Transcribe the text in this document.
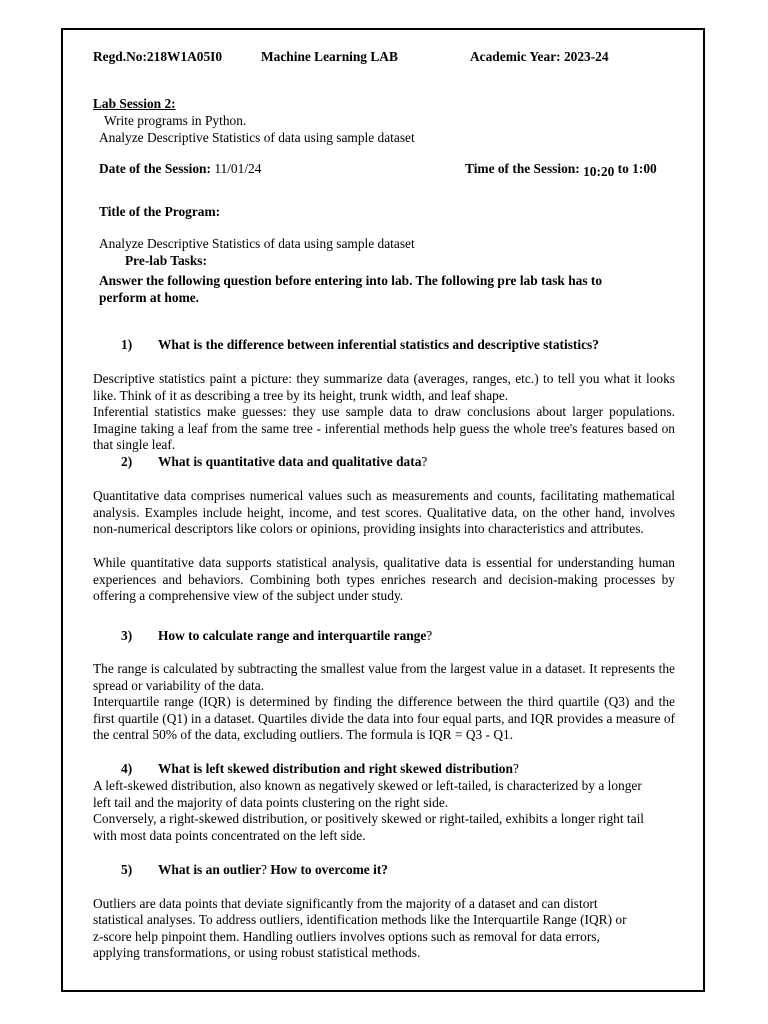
Regd.No:218W1A05I0	Machine Learning LAB	Academic Year: 2023-24
Lab Session 2:
Write programs in Python.
Analyze Descriptive Statistics of data using sample dataset
Date of the Session: 11/01/24	Time of the Session: 10:20 to 1:00
Title of the Program:
Analyze Descriptive Statistics of data using sample dataset
Pre-lab Tasks:
Answer the following question before entering into lab. The following pre lab task has to
perform at home.
1) What is the difference between inferential statistics and descriptive statistics?
Descriptive statistics paint a picture: they summarize data (averages, ranges, etc.) to tell you what it looks like. Think of it as describing a tree by its height, trunk width, and leaf shape.
Inferential statistics make guesses: they use sample data to draw conclusions about larger populations. Imagine taking a leaf from the same tree - inferential methods help guess the whole tree's features based on that single leaf.
2) What is quantitative data and qualitative data?
Quantitative data comprises numerical values such as measurements and counts, facilitating mathematical analysis. Examples include height, income, and test scores. Qualitative data, on the other hand, involves non-numerical descriptors like colors or opinions, providing insights into characteristics and attributes.
While quantitative data supports statistical analysis, qualitative data is essential for understanding human experiences and behaviors. Combining both types enriches research and decision-making processes by offering a comprehensive view of the subject under study.
3) How to calculate range and interquartile range?
The range is calculated by subtracting the smallest value from the largest value in a dataset. It represents the spread or variability of the data.
Interquartile range (IQR) is determined by finding the difference between the third quartile (Q3) and the first quartile (Q1) in a dataset. Quartiles divide the data into four equal parts, and IQR provides a measure of the central 50% of the data, excluding outliers. The formula is IQR = Q3 - Q1.
4) What is left skewed distribution and right skewed distribution?
A left-skewed distribution, also known as negatively skewed or left-tailed, is characterized by a longer
left tail and the majority of data points clustering on the right side.
Conversely, a right-skewed distribution, or positively skewed or right-tailed, exhibits a longer right tail
with most data points concentrated on the left side.
5) What is an outlier? How to overcome it?
Outliers are data points that deviate significantly from the majority of a dataset and can distort
statistical analyses. To address outliers, identification methods like the Interquartile Range (IQR) or
z-score help pinpoint them. Handling outliers involves options such as removal for data errors,
applying transformations, or using robust statistical methods.
